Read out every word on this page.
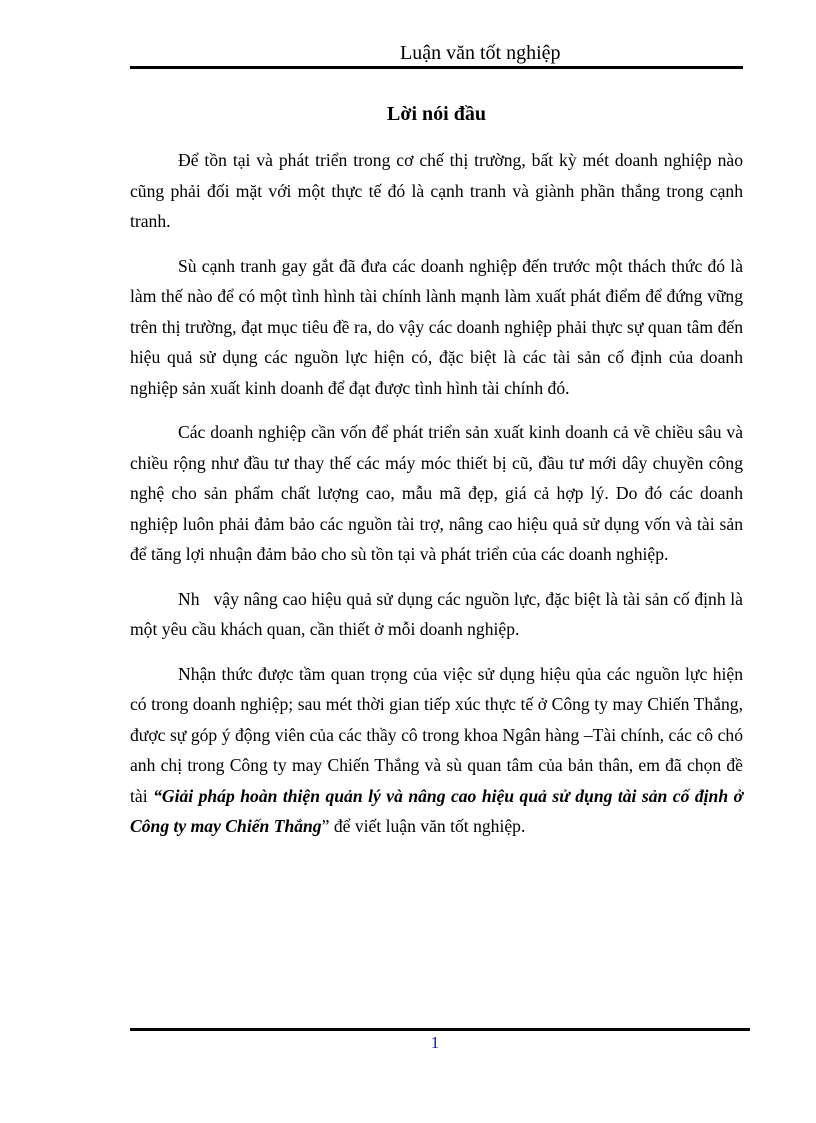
Luận văn tốt nghiệp
Lời nói đầu

Để tồn tại và phát triển trong cơ chế thị trường, bất kỳ mét doanh nghiệp nào cũng phải đối mặt với một thực tế đó là cạnh tranh và giành phần thắng trong cạnh tranh.

Sù cạnh tranh gay gắt đã đưa các doanh nghiệp đến trước một thách thức đó là làm thế nào để có một tình hình tài chính lành mạnh làm xuất phát điểm để đứng vững trên thị trường, đạt mục tiêu đề ra, do vậy các doanh nghiệp phải thực sự quan tâm đến hiệu quả sử dụng các nguồn lực hiện có, đặc biệt là các tài sản cố định của doanh nghiệp sản xuất kinh doanh để đạt được tình hình tài chính đó.

Các doanh nghiệp cần vốn để phát triển sản xuất kinh doanh cả về chiều sâu và chiều rộng như đầu tư thay thế các máy móc thiết bị cũ, đầu tư mới dây chuyền công nghệ cho sản phẩm chất lượng cao, mẫu mã đẹp, giá cả hợp lý. Do đó các doanh nghiệp luôn phải đảm bảo các nguồn tài trợ, nâng cao hiệu quả sử dụng vốn và tài sản để tăng lợi nhuận đảm bảo cho sù tồn tại và phát triển của các doanh nghiệp.

Nh   vậy nâng cao hiệu quả sử dụng các nguồn lực, đặc biệt là tài sản cố định là một yêu cầu khách quan, cần thiết ở mỗi doanh nghiệp.

Nhận thức được tầm quan trọng của việc sử dụng hiệu qủa các nguồn lực hiện có trong doanh nghiệp; sau mét thời gian tiếp xúc thực tế ở Công ty may Chiến Thắng, được sự góp ý động viên của các thầy cô trong khoa Ngân hàng –Tài chính, các cô chó anh chị trong Công ty may Chiến Thắng và sù quan tâm của bản thân, em đã chọn đề tài “Giải pháp hoàn thiện quản lý và nâng cao hiệu quả sử dụng tài sản cố định ở Công ty may Chiến Thắng” để viết luận văn tốt nghiệp.

1
